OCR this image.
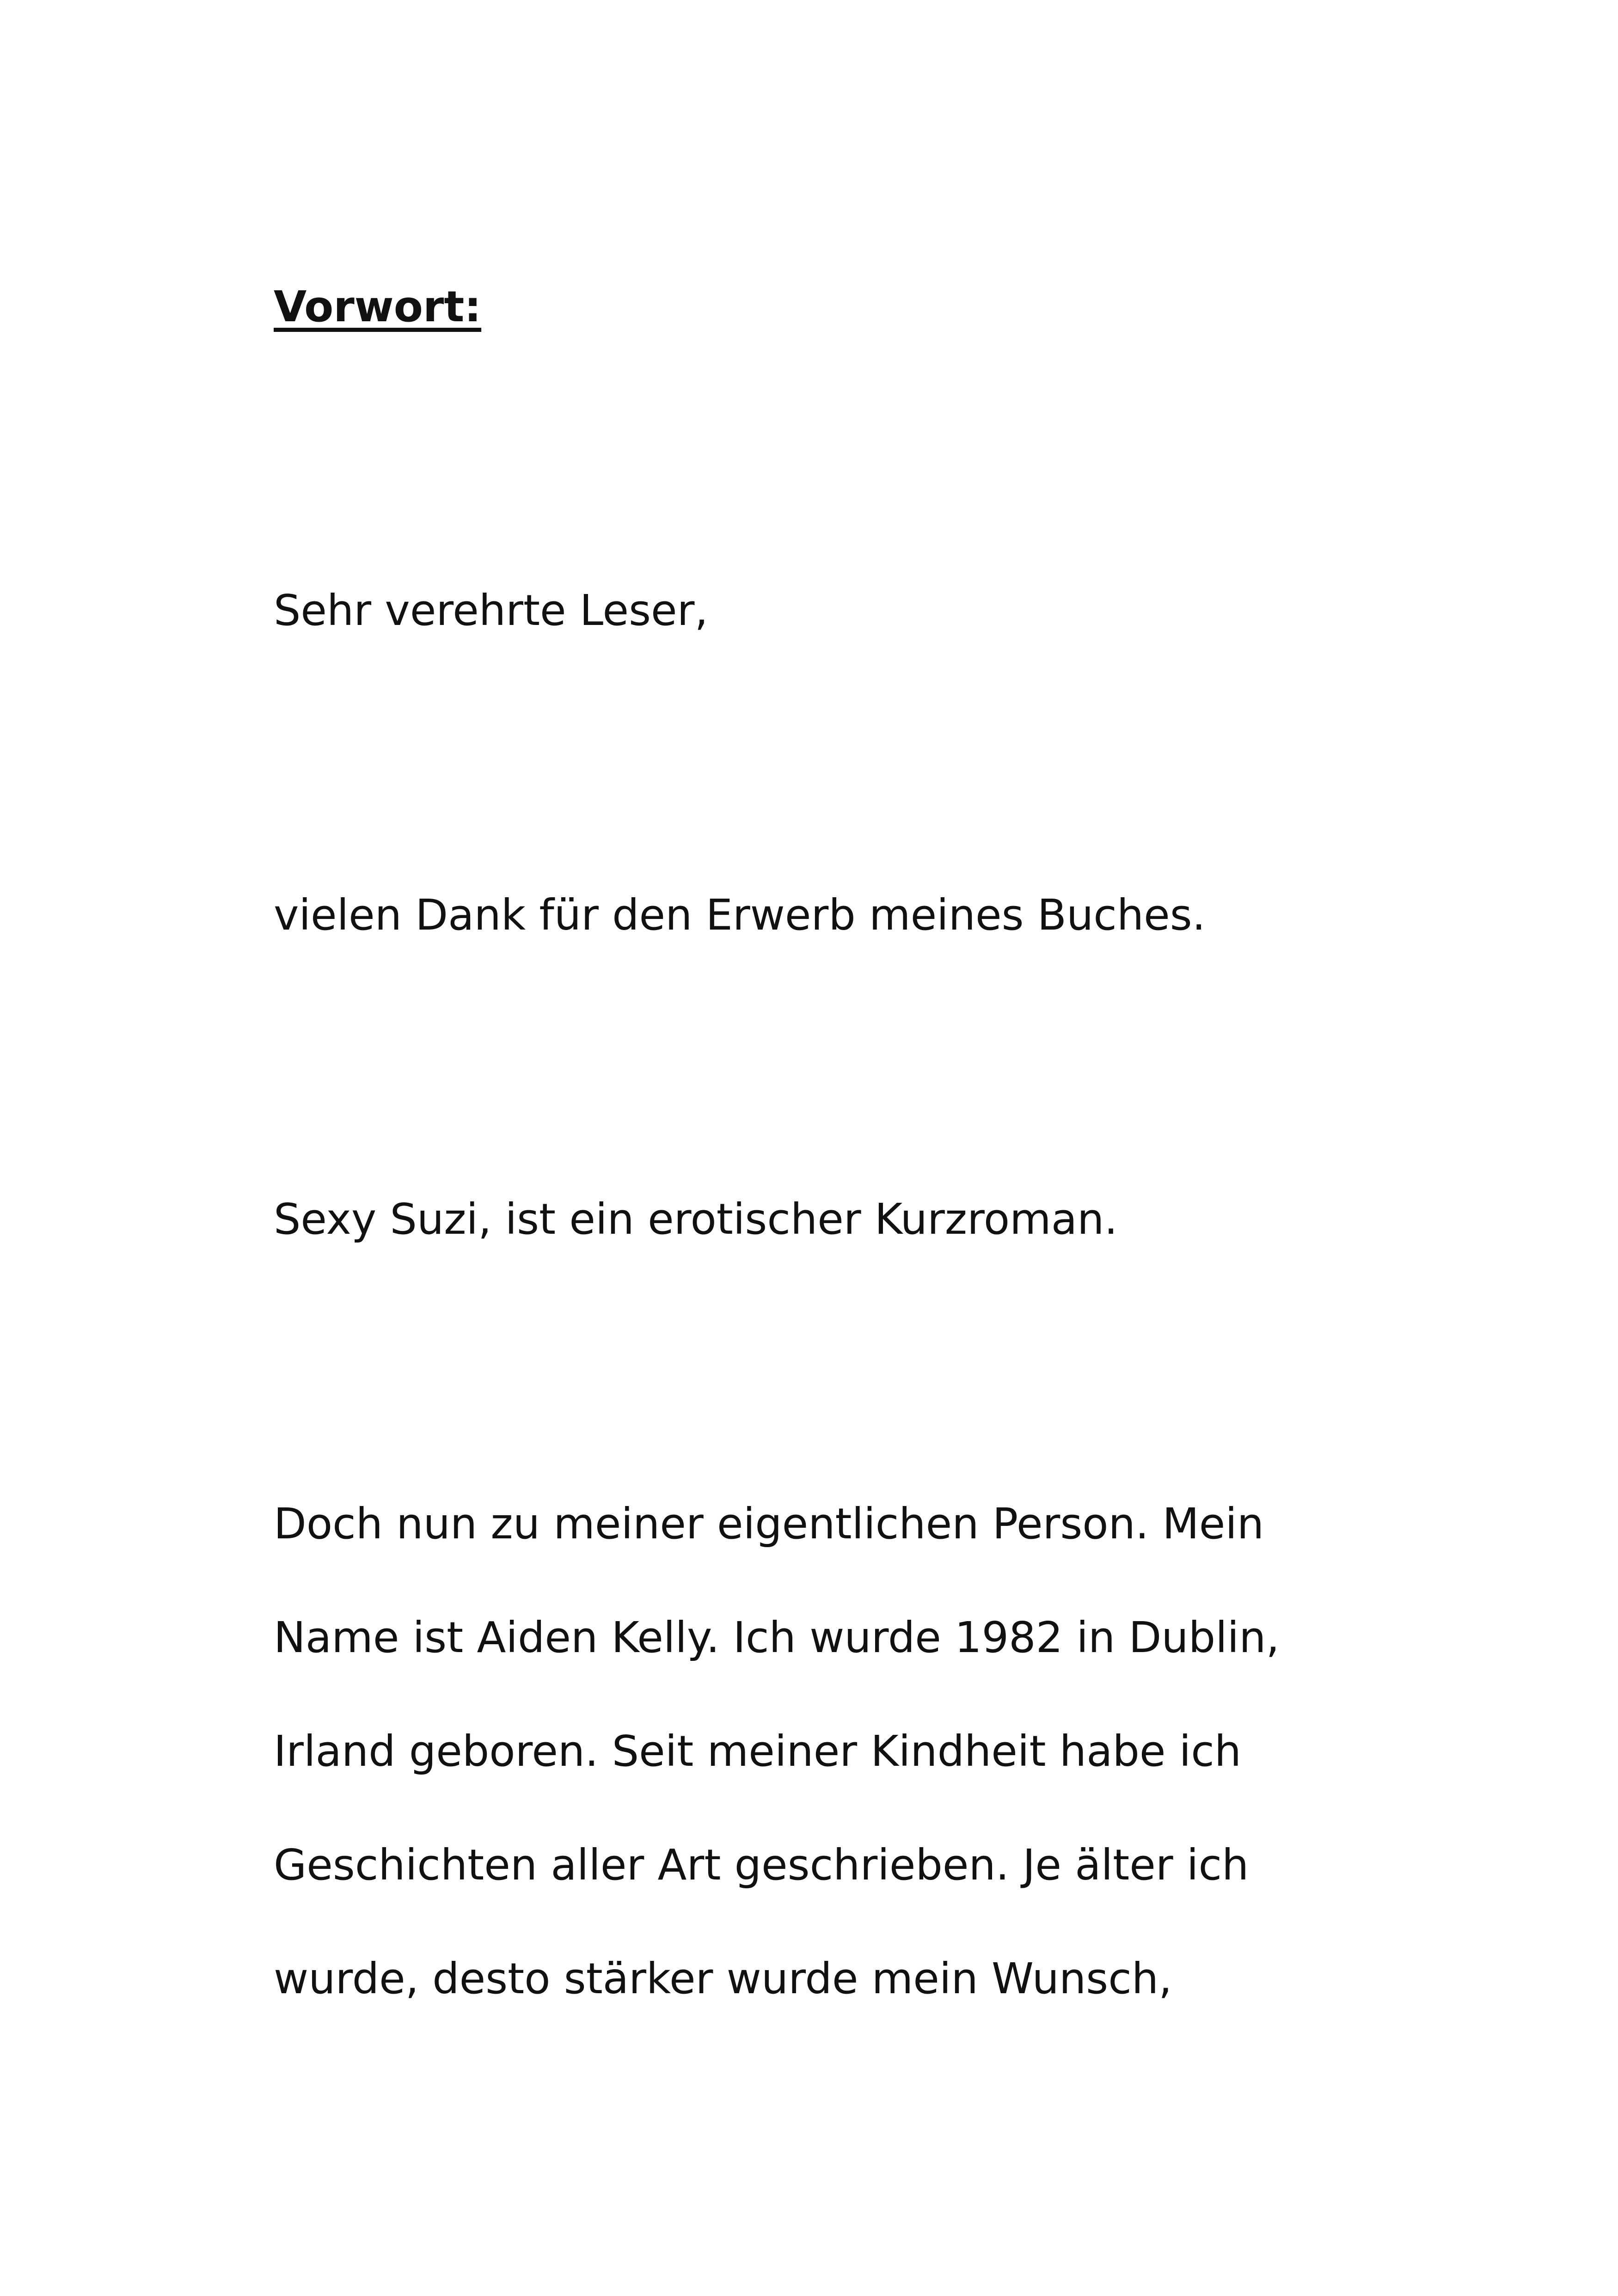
Vorwort:

Sehr verehrte Leser,

vielen Dank für den Erwerb meines Buches.

Sexy Suzi, ist ein erotischer Kurzroman.

Doch nun zu meiner eigentlichen Person. Mein
Name ist Aiden Kelly. Ich wurde 1982 in Dublin,
Irland geboren. Seit meiner Kindheit habe ich
Geschichten aller Art geschrieben. Je älter ich
wurde, desto stärker wurde mein Wunsch,
